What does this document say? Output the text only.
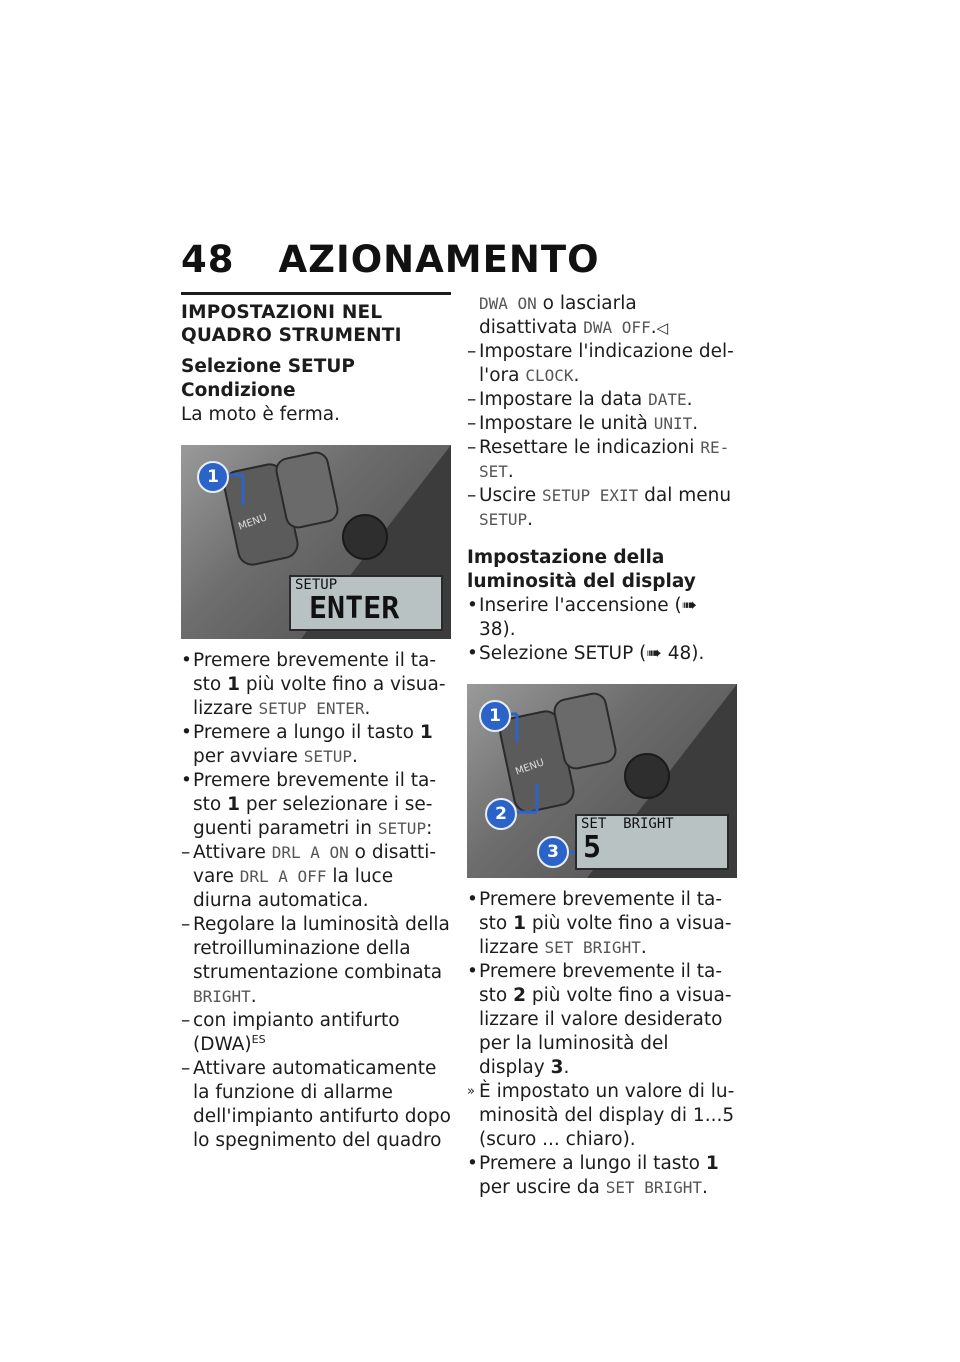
48 AZIONAMENTO
IMPOSTAZIONI NEL QUADRO STRUMENTI
Selezione SETUP
Condizione
La moto è ferma.
1
MENU
SETUP
ENTER
• Premere brevemente il ta-sto 1 più volte fino a visua-lizzare SETUP ENTER.
• Premere a lungo il tasto 1 per avviare SETUP.
• Premere brevemente il ta-sto 1 per selezionare i se-guenti parametri in SETUP:
– Attivare DRL A ON o disatti-vare DRL A OFF la luce diurna automatica.
– Regolare la luminosità della retroilluminazione della strumentazione combinata BRIGHT.
– con impianto antifurto (DWA)$^{ES}$
– Attivare automaticamente la funzione di allarme dell'impianto antifurto dopo lo spegnimento del quadro
DWA ON o lasciarla disattivata DWA OFF.◁
– Impostare l'indicazione del-l'ora CLOCK.
– Impostare la data DATE.
– Impostare le unità UNIT.
– Resettare le indicazioni RE-SET.
– Uscire SETUP EXIT dal menu SETUP.
Impostazione della luminosità del display
• Inserire l'accensione (➠ 38).
• Selezione SETUP (➠ 48).
1
2
3
MENU
SET  BRIGHT
5
• Premere brevemente il ta-sto 1 più volte fino a visua-lizzare SET BRIGHT.
• Premere brevemente il ta-sto 2 più volte fino a visua-lizzare il valore desiderato per la luminosità del display 3.
» È impostato un valore di lu-minosità del display di 1...5 (scuro ... chiaro).
• Premere a lungo il tasto 1 per uscire da SET BRIGHT.
